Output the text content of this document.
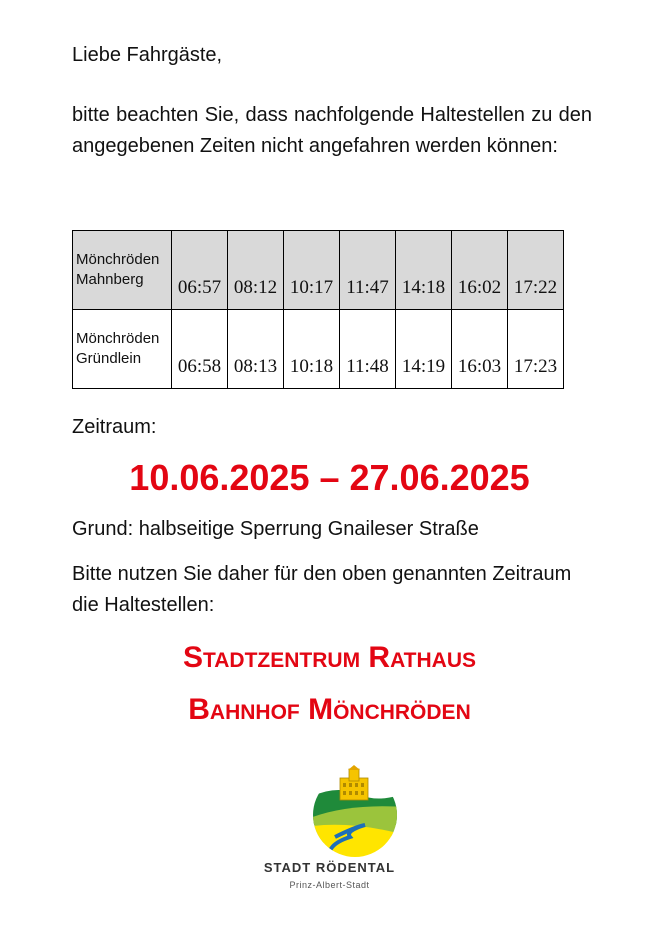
Liebe Fahrgäste,
bitte beachten Sie, dass nachfolgende Haltestellen zu den angegebenen Zeiten nicht angefahren werden können:
Mönchröden
Mahnberg	06:57	08:12	10:17	11:47	14:18	16:02	17:22
Mönchröden
Gründlein	06:58	08:13	10:18	11:48	14:19	16:03	17:23
Zeitraum:
10.06.2025 – 27.06.2025
Grund: halbseitige Sperrung Gnaileser Straße
Bitte nutzen Sie daher für den oben genannten Zeitraum die Haltestellen:
Stadtzentrum Rathaus
Bahnhof Mönchröden
STADT RÖDENTAL
Prinz-Albert-Stadt
